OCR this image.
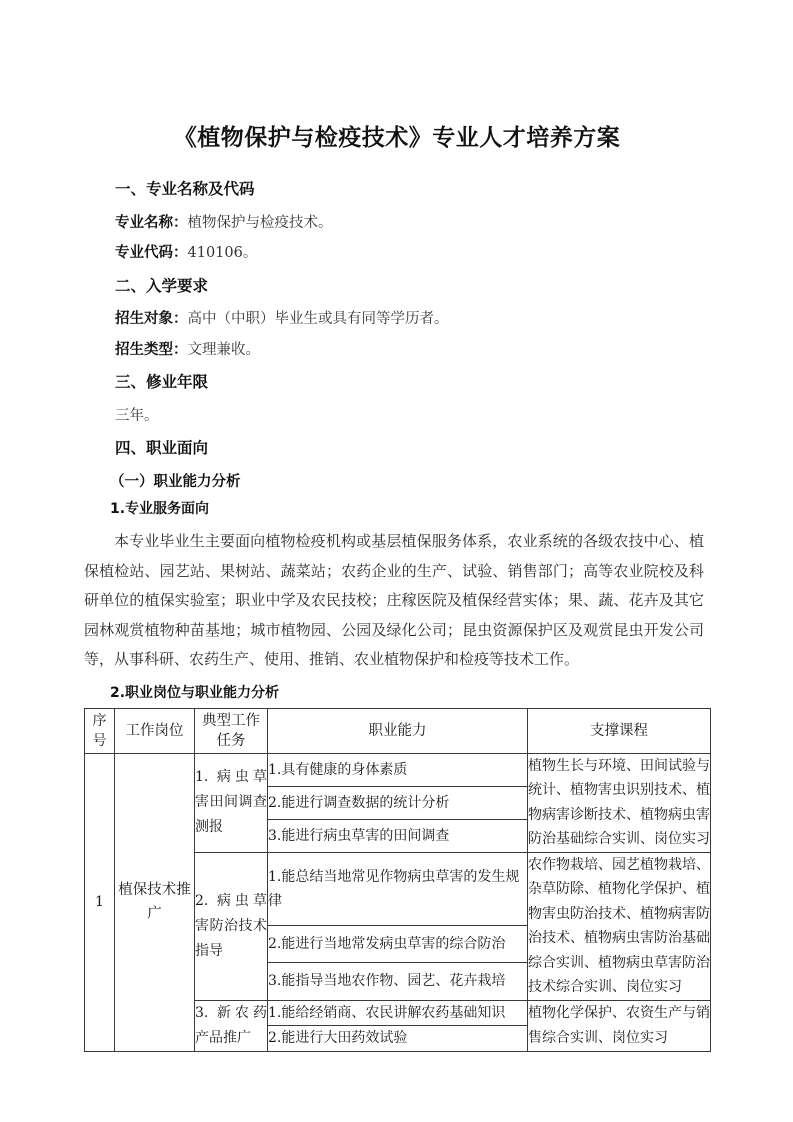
《植物保护与检疫技术》专业人才培养方案

一、专业名称及代码

专业名称：植物保护与检疫技术。

专业代码：410106。

二、入学要求

招生对象：高中（中职）毕业生或具有同等学历者。

招生类型：文理兼收。

三、修业年限

三年。

四、职业面向

（一）职业能力分析

1.专业服务面向

本专业毕业生主要面向植物检疫机构或基层植保服务体系，农业系统的各级农技中心、植保植检站、园艺站、果树站、蔬菜站；农药企业的生产、试验、销售部门；高等农业院校及科研单位的植保实验室；职业中学及农民技校；庄稼医院及植保经营实体；果、蔬、花卉及其它园林观赏植物种苗基地；城市植物园、公园及绿化公司；昆虫资源保护区及观赏昆虫开发公司等，从事科研、农药生产、使用、推销、农业植物保护和检疫等技术工作。

2.职业岗位与职业能力分析

序
号	工作岗位	典型工作任务	职业能力	支撑课程
1	植保技术推广	1. 病虫草害田间调查测报	1.具有健康的身体素质	植物生长与环境、田间试验与统计、植物害虫识别技术、植物病害诊断技术、植物病虫害防治基础综合实训、岗位实习
			2.能进行调查数据的统计分析	
			3.能进行病虫草害的田间调查	
		2. 病虫草害防治技术指导	1.能总结当地常见作物病虫草害的发生规律	农作物栽培、园艺植物栽培、杂草防除、植物化学保护、植物害虫防治技术、植物病害防治技术、植物病虫害防治基础综合实训、植物病虫草害防治技术综合实训、岗位实习
			2.能进行当地常发病虫草害的综合防治	
			3.能指导当地农作物、园艺、花卉栽培	
		3. 新农药产品推广	1.能给经销商、农民讲解农药基础知识	植物化学保护、农资生产与销售综合实训、岗位实习
			2.能进行大田药效试验	
